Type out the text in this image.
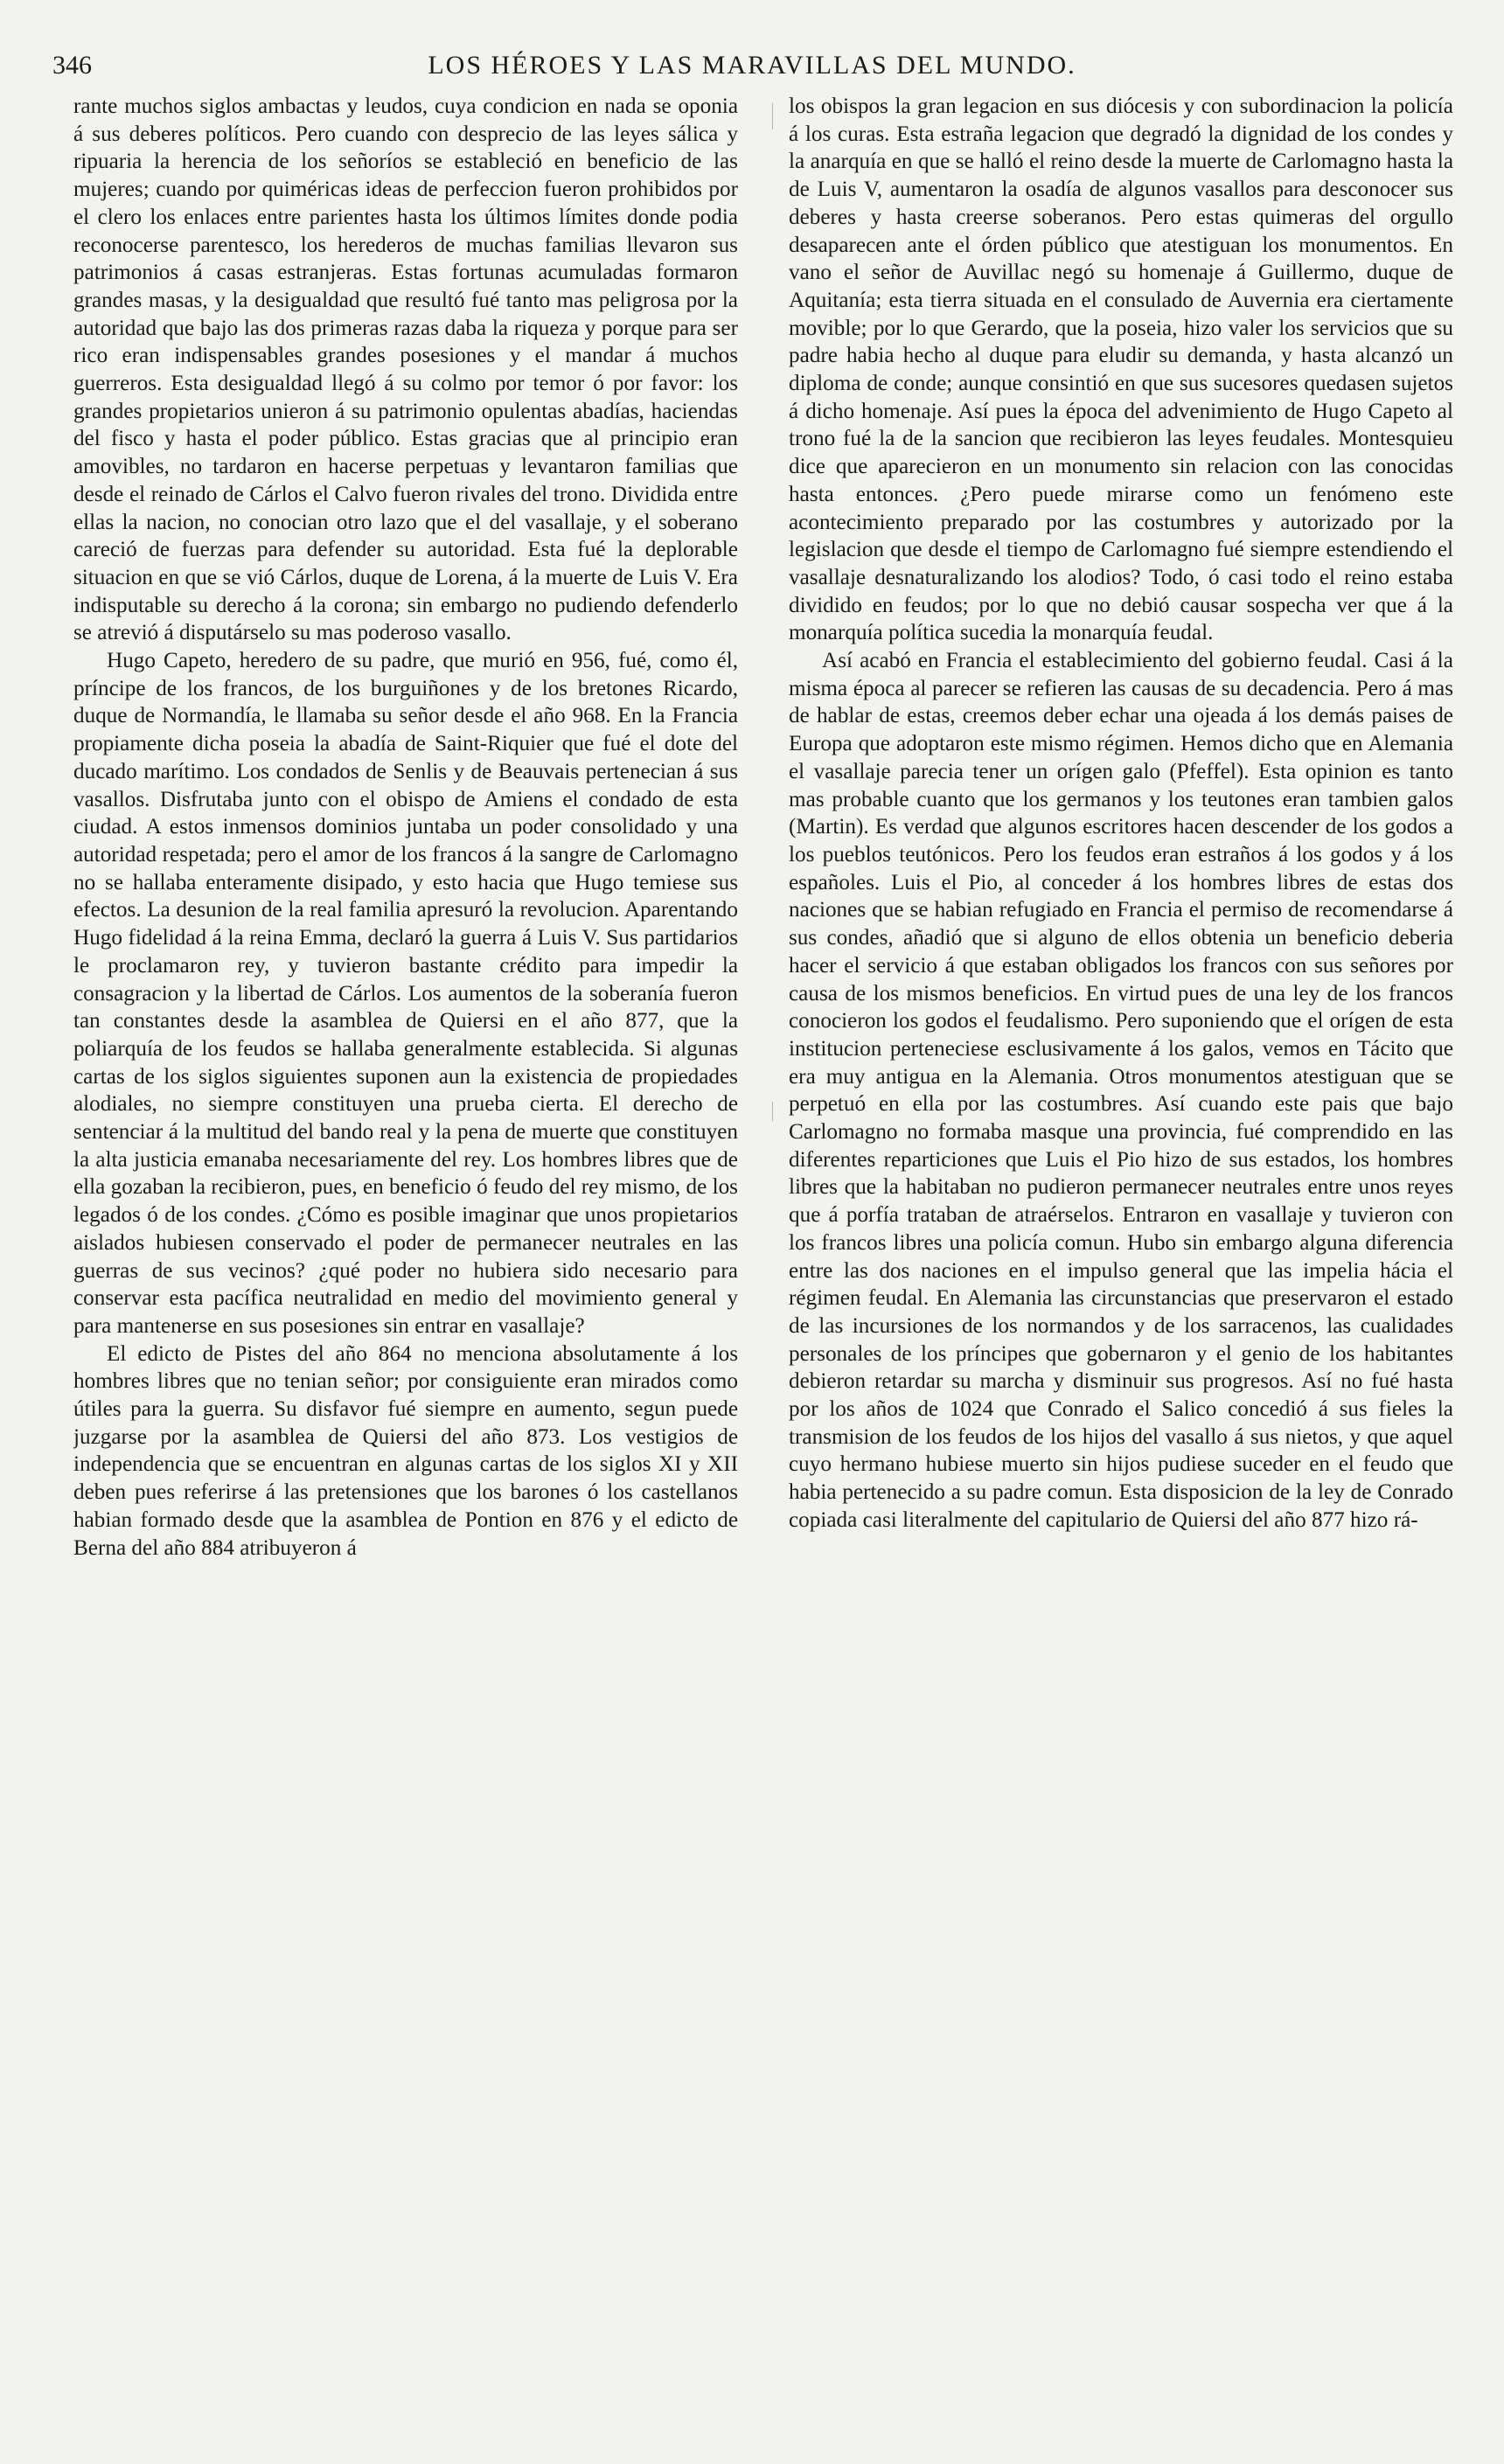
346	LOS HÉROES Y LAS MARAVILLAS DEL MUNDO.

rante muchos siglos ambactas y leudos, cuya condicion en nada se oponia á sus deberes políticos. Pero cuando con desprecio de las leyes sálica y ripuaria la herencia de los señoríos se estableció en beneficio de las mujeres; cuando por quiméricas ideas de perfeccion fueron prohibidos por el clero los enlaces entre parientes hasta los últimos límites donde podia reconocerse parentesco, los herederos de muchas familias llevaron sus patrimonios á casas estranjeras. Estas fortunas acumuladas formaron grandes masas, y la desigualdad que resultó fué tanto mas peligrosa por la autoridad que bajo las dos primeras razas daba la riqueza y porque para ser rico eran indispensables grandes posesiones y el mandar á muchos guerreros. Esta desigualdad llegó á su colmo por temor ó por favor: los grandes propietarios unieron á su patrimonio opulentas abadías, haciendas del fisco y hasta el poder público. Estas gracias que al principio eran amovibles, no tardaron en hacerse perpetuas y levantaron familias que desde el reinado de Cárlos el Calvo fueron rivales del trono. Dividida entre ellas la nacion, no conocian otro lazo que el del vasallaje, y el soberano careció de fuerzas para defender su autoridad. Esta fué la deplorable situacion en que se vió Cárlos, duque de Lorena, á la muerte de Luis V. Era indisputable su derecho á la corona; sin embargo no pudiendo defenderlo se atrevió á disputárselo su mas poderoso vasallo.

Hugo Capeto, heredero de su padre, que murió en 956, fué, como él, príncipe de los francos, de los burguiñones y de los bretones Ricardo, duque de Normandía, le llamaba su señor desde el año 968. En la Francia propiamente dicha poseia la abadía de Saint-Riquier que fué el dote del ducado marítimo. Los condados de Senlis y de Beauvais pertenecian á sus vasallos. Disfrutaba junto con el obispo de Amiens el condado de esta ciudad. A estos inmensos dominios juntaba un poder consolidado y una autoridad respetada; pero el amor de los francos á la sangre de Carlomagno no se hallaba enteramente disipado, y esto hacia que Hugo temiese sus efectos. La desunion de la real familia apresuró la revolucion. Aparentando Hugo fidelidad á la reina Emma, declaró la guerra á Luis V. Sus partidarios le proclamaron rey, y tuvieron bastante crédito para impedir la consagracion y la libertad de Cárlos. Los aumentos de la soberanía fueron tan constantes desde la asamblea de Quiersi en el año 877, que la poliarquía de los feudos se hallaba generalmente establecida. Si algunas cartas de los siglos siguientes suponen aun la existencia de propiedades alodiales, no siempre constituyen una prueba cierta. El derecho de sentenciar á la multitud del bando real y la pena de muerte que constituyen la alta justicia emanaba necesariamente del rey. Los hombres libres que de ella gozaban la recibieron, pues, en beneficio ó feudo del rey mismo, de los legados ó de los condes. ¿Cómo es posible imaginar que unos propietarios aislados hubiesen conservado el poder de permanecer neutrales en las guerras de sus vecinos? ¿qué poder no hubiera sido necesario para conservar esta pacífica neutralidad en medio del movimiento general y para mantenerse en sus posesiones sin entrar en vasallaje?

El edicto de Pistes del año 864 no menciona absolutamente á los hombres libres que no tenian señor; por consiguiente eran mirados como útiles para la guerra. Su disfavor fué siempre en aumento, segun puede juzgarse por la asamblea de Quiersi del año 873. Los vestigios de independencia que se encuentran en algunas cartas de los siglos XI y XII deben pues referirse á las pretensiones que los barones ó los castellanos habian formado desde que la asamblea de Pontion en 876 y el edicto de Berna del año 884 atribuyeron á

los obispos la gran legacion en sus diócesis y con subordinacion la policía á los curas. Esta estraña legacion que degradó la dignidad de los condes y la anarquía en que se halló el reino desde la muerte de Carlomagno hasta la de Luis V, aumentaron la osadía de algunos vasallos para desconocer sus deberes y hasta creerse soberanos. Pero estas quimeras del orgullo desaparecen ante el órden público que atestiguan los monumentos. En vano el señor de Auvillac negó su homenaje á Guillermo, duque de Aquitanía; esta tierra situada en el consulado de Auvernia era ciertamente movible; por lo que Gerardo, que la poseia, hizo valer los servicios que su padre habia hecho al duque para eludir su demanda, y hasta alcanzó un diploma de conde; aunque consintió en que sus sucesores quedasen sujetos á dicho homenaje. Así pues la época del advenimiento de Hugo Capeto al trono fué la de la sancion que recibieron las leyes feudales. Montesquieu dice que aparecieron en un monumento sin relacion con las conocidas hasta entonces. ¿Pero puede mirarse como un fenómeno este acontecimiento preparado por las costumbres y autorizado por la legislacion que desde el tiempo de Carlomagno fué siempre estendiendo el vasallaje desnaturalizando los alodios? Todo, ó casi todo el reino estaba dividido en feudos; por lo que no debió causar sospecha ver que á la monarquía política sucedia la monarquía feudal.

Así acabó en Francia el establecimiento del gobierno feudal. Casi á la misma época al parecer se refieren las causas de su decadencia. Pero á mas de hablar de estas, creemos deber echar una ojeada á los demás paises de Europa que adoptaron este mismo régimen. Hemos dicho que en Alemania el vasallaje parecia tener un orígen galo (Pfeffel). Esta opinion es tanto mas probable cuanto que los germanos y los teutones eran tambien galos (Martin). Es verdad que algunos escritores hacen descender de los godos a los pueblos teutónicos. Pero los feudos eran estraños á los godos y á los españoles. Luis el Pio, al conceder á los hombres libres de estas dos naciones que se habian refugiado en Francia el permiso de recomendarse á sus condes, añadió que si alguno de ellos obtenia un beneficio deberia hacer el servicio á que estaban obligados los francos con sus señores por causa de los mismos beneficios. En virtud pues de una ley de los francos conocieron los godos el feudalismo. Pero suponiendo que el orígen de esta institucion perteneciese esclusivamente á los galos, vemos en Tácito que era muy antigua en la Alemania. Otros monumentos atestiguan que se perpetuó en ella por las costumbres. Así cuando este pais que bajo Carlomagno no formaba masque una provincia, fué comprendido en las diferentes reparticiones que Luis el Pio hizo de sus estados, los hombres libres que la habitaban no pudieron permanecer neutrales entre unos reyes que á porfía trataban de atraérselos. Entraron en vasallaje y tuvieron con los francos libres una policía comun. Hubo sin embargo alguna diferencia entre las dos naciones en el impulso general que las impelia hácia el régimen feudal. En Alemania las circunstancias que preservaron el estado de las incursiones de los normandos y de los sarracenos, las cualidades personales de los príncipes que gobernaron y el genio de los habitantes debieron retardar su marcha y disminuir sus progresos. Así no fué hasta por los años de 1024 que Conrado el Salico concedió á sus fieles la transmision de los feudos de los hijos del vasallo á sus nietos, y que aquel cuyo hermano hubiese muerto sin hijos pudiese suceder en el feudo que habia pertenecido a su padre comun. Esta disposicion de la ley de Conrado copiada casi literalmente del capitulario de Quiersi del año 877 hizo rá-
